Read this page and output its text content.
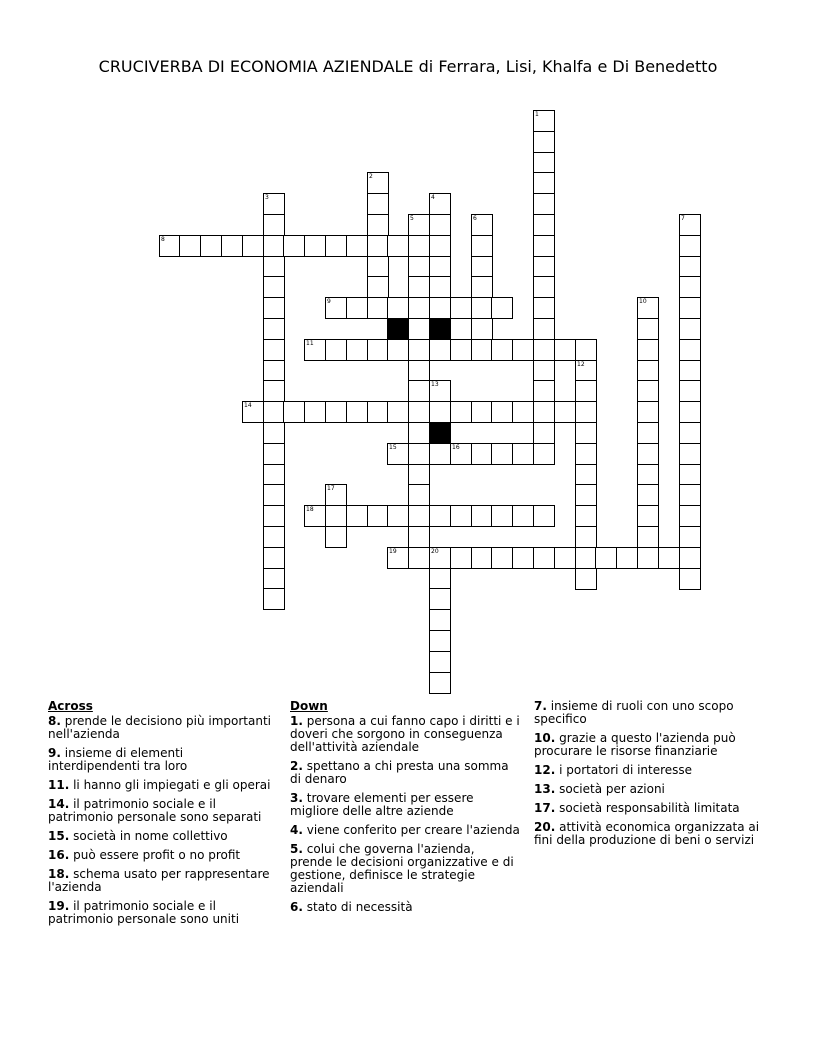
CRUCIVERBA DI ECONOMIA AZIENDALE di Ferrara, Lisi, Khalfa e Di Benedetto
1
2
3	4
5	6	7
8
9	10
11
12
13
14
15	16
17
18
19	20
Across
8. prende le decisiono più importanti nell'azienda
9. insieme di elementi interdipendenti tra loro
11. li hanno gli impiegati e gli operai
14. il patrimonio sociale e il patrimonio personale sono separati
15. società in nome collettivo
16. può essere profit o no profit
18. schema usato per rappresentare l'azienda
19. il patrimonio sociale e il patrimonio personale sono uniti
Down
1. persona a cui fanno capo i diritti e i doveri che sorgono in conseguenza dell'attività aziendale
2. spettano a chi presta una somma di denaro
3. trovare elementi per essere migliore delle altre aziende
4. viene conferito per creare l'azienda
5. colui che governa l'azienda, prende le decisioni organizzative e di gestione, definisce le strategie aziendali
6. stato di necessità
7. insieme di ruoli con uno scopo specifico
10. grazie a questo l'azienda può procurare le risorse finanziarie
12. i portatori di interesse
13. società per azioni
17. società responsabilità limitata
20. attività economica organizzata ai fini della produzione di beni o servizi
